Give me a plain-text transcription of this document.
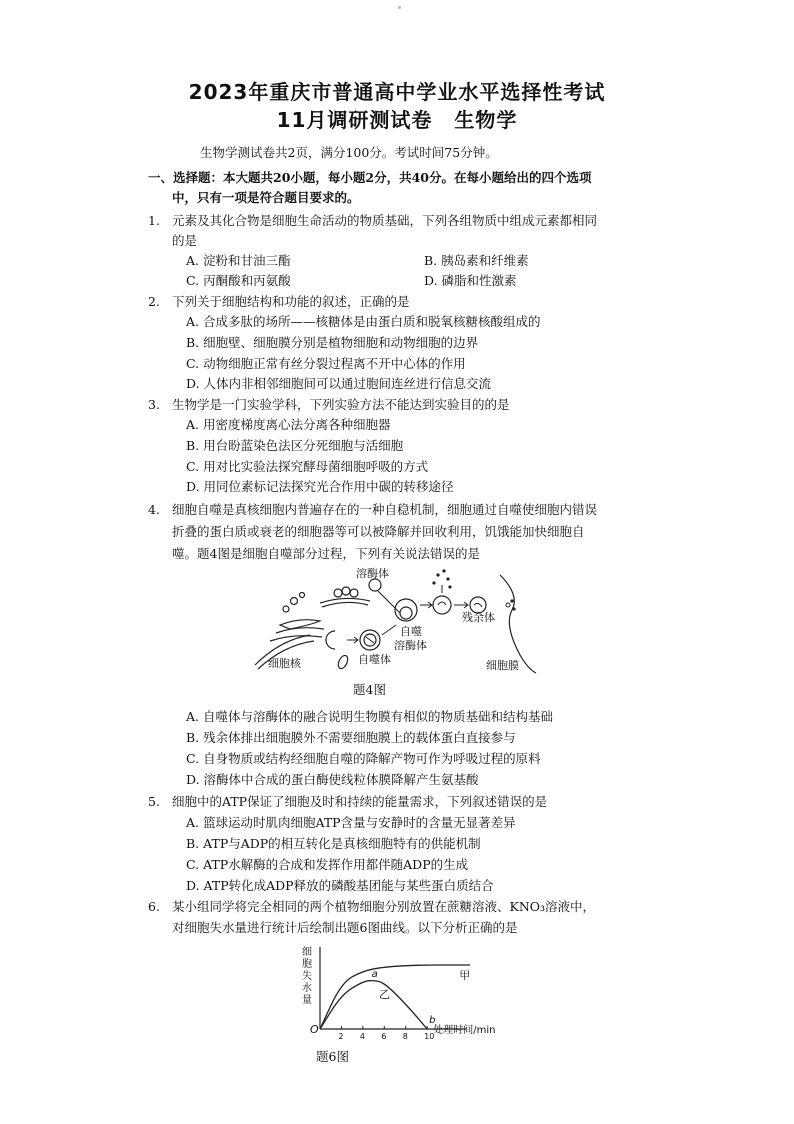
2023年重庆市普通高中学业水平选择性考试
11月调研测试卷 生物学
生物学测试卷共2页，满分100分。考试时间75分钟。
一、选择题：本大题共20小题，每小题2分，共40分。在每小题给出的四个选项
中，只有一项是符合题目要求的。
1. 元素及其化合物是细胞生命活动的物质基础，下列各组物质中组成元素都相同
的是
A. 淀粉和甘油三酯	B. 胰岛素和纤维素
C. 丙酮酸和丙氨酸	D. 磷脂和性激素
2. 下列关于细胞结构和功能的叙述，正确的是
A. 合成多肽的场所——核糖体是由蛋白质和脱氧核糖核酸组成的
B. 细胞壁、细胞膜分别是植物细胞和动物细胞的边界
C. 动物细胞正常有丝分裂过程离不开中心体的作用
D. 人体内非相邻细胞间可以通过胞间连丝进行信息交流
3. 生物学是一门实验学科，下列实验方法不能达到实验目的的是
A. 用密度梯度离心法分离各种细胞器
B. 用台盼蓝染色法区分死细胞与活细胞
C. 用对比实验法探究酵母菌细胞呼吸的方式
D. 用同位素标记法探究光合作用中碳的转移途径
4. 细胞自噬是真核细胞内普遍存在的一种自稳机制，细胞通过自噬使细胞内错误
折叠的蛋白质或衰老的细胞器等可以被降解并回收利用，饥饿能加快细胞自
噬。题4图是细胞自噬部分过程，下列有关说法错误的是
溶酶体
自噬
溶酶体
残余体
自噬体
细胞核	细胞膜
题4图
A. 自噬体与溶酶体的融合说明生物膜有相似的物质基础和结构基础
B. 残余体排出细胞膜外不需要细胞膜上的载体蛋白直接参与
C. 自身物质或结构经细胞自噬的降解产物可作为呼吸过程的原料
D. 溶酶体中合成的蛋白酶使线粒体膜降解产生氨基酸
5. 细胞中的ATP保证了细胞及时和持续的能量需求，下列叙述错误的是
A. 篮球运动时肌肉细胞ATP含量与安静时的含量无显著差异
B. ATP与ADP的相互转化是真核细胞特有的供能机制
C. ATP水解酶的合成和发挥作用都伴随ADP的生成
D. ATP转化成ADP释放的磷酸基团能与某些蛋白质结合
6. 某小组同学将完全相同的两个植物细胞分别放置在蔗糖溶液、KNO₃溶液中，
对细胞失水量进行统计后绘制出题6图曲线。以下分析正确的是
细
胞
失
水
量
2 4 6 8 10
O
甲
乙
a
b
处理时间/min
题6图
